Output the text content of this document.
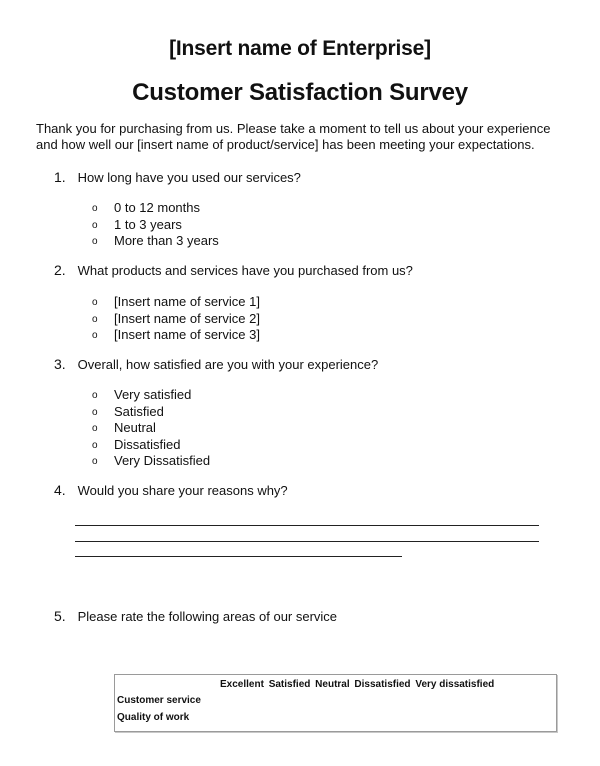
[Insert name of Enterprise]
Customer Satisfaction Survey
Thank you for purchasing from us. Please take a moment to tell us about your experience
and how well our [insert name of product/service] has been meeting your expectations.
1. How long have you used our services?
o 0 to 12 months
o 1 to 3 years
o More than 3 years
2. What products and services have you purchased from us?
o [Insert name of service 1]
o [Insert name of service 2]
o [Insert name of service 3]
3. Overall, how satisfied are you with your experience?
o Very satisfied
o Satisfied
o Neutral
o Dissatisfied
o Very Dissatisfied
4. Would you share your reasons why?
5. Please rate the following areas of our service
Excellent Satisfied Neutral Dissatisfied Very dissatisfied
Customer service
Quality of work
